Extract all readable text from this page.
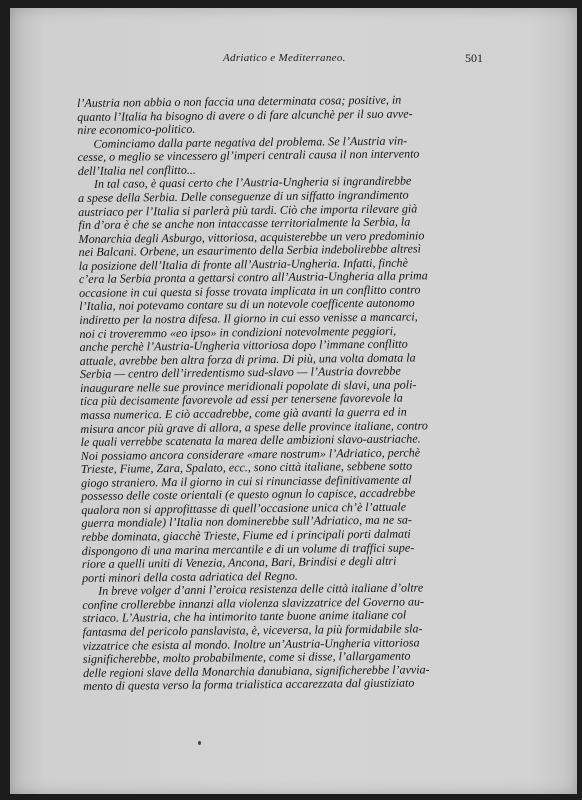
Adriatico e Mediterraneo.	501
l’Austria non abbia o non faccia una determinata cosa; positive, in
quanto l’Italia ha bisogno di avere o di fare alcunchè per il suo avve-
nire economico-politico.
Cominciamo dalla parte negativa del problema. Se l’Austria vin-
cesse, o meglio se vincessero gl’imperi centrali causa il non intervento
dell’Italia nel conflitto...
In tal caso, è quasi certo che l’Austria-Ungheria si ingrandirebbe
a spese della Serbia. Delle conseguenze di un siffatto ingrandimento
austriaco per l’Italia si parlerà più tardi. Ciò che importa rilevare già
fin d’ora è che se anche non intaccasse territorialmente la Serbia, la
Monarchia degli Asburgo, vittoriosa, acquisterebbe un vero predominio
nei Balcani. Orbene, un esaurimento della Serbia indebolirebbe altresì
la posizione dell’Italia di fronte all’Austria-Ungheria. Infatti, finchè
c’era la Serbia pronta a gettarsi contro all’Austria-Ungheria alla prima
occasione in cui questa si fosse trovata implicata in un conflitto contro
l’Italia, noi potevamo contare su di un notevole coefficente autonomo
indiretto per la nostra difesa. Il giorno in cui esso venisse a mancarci,
noi ci troveremmo «eo ipso» in condizioni notevolmente peggiori,
anche perchè l’Austria-Ungheria vittoriosa dopo l’immane conflitto
attuale, avrebbe ben altra forza di prima. Di più, una volta domata la
Serbia — centro dell’irredentismo sud-slavo — l’Austria dovrebbe
inaugurare nelle sue province meridionali popolate di slavi, una poli-
tica più decisamente favorevole ad essi per tenersene favorevole la
massa numerica. E ciò accadrebbe, come già avanti la guerra ed in
misura ancor più grave di allora, a spese delle province italiane, contro
le quali verrebbe scatenata la marea delle ambizioni slavo-austriache.
Noi possiamo ancora considerare «mare nostrum» l’Adriatico, perchè
Trieste, Fiume, Zara, Spalato, ecc., sono città italiane, sebbene sotto
giogo straniero. Ma il giorno in cui si rinunciasse definitivamente al
possesso delle coste orientali (e questo ognun lo capisce, accadrebbe
qualora non si approfittasse di quell’occasione unica ch’è l’attuale
guerra mondiale) l’Italia non dominerebbe sull’Adriatico, ma ne sa-
rebbe dominata, giacchè Trieste, Fiume ed i principali porti dalmati
dispongono di una marina mercantile e di un volume di traffici supe-
riore a quelli uniti di Venezia, Ancona, Bari, Brindisi e degli altri
porti minori della costa adriatica del Regno.
In breve volger d’anni l’eroica resistenza delle città italiane d’oltre
confine crollerebbe innanzi alla violenza slavizzatrice del Governo au-
striaco. L’Austria, che ha intimorito tante buone anime italiane col
fantasma del pericolo panslavista, è, viceversa, la più formidabile sla-
vizzatrice che esista al mondo. Inoltre un’Austria-Ungheria vittoriosa
significherebbe, molto probabilmente, come si disse, l’allargamento
delle regioni slave della Monarchia danubiana, significherebbe l’avvia-
mento di questa verso la forma trialistica accarezzata dal giustiziato
